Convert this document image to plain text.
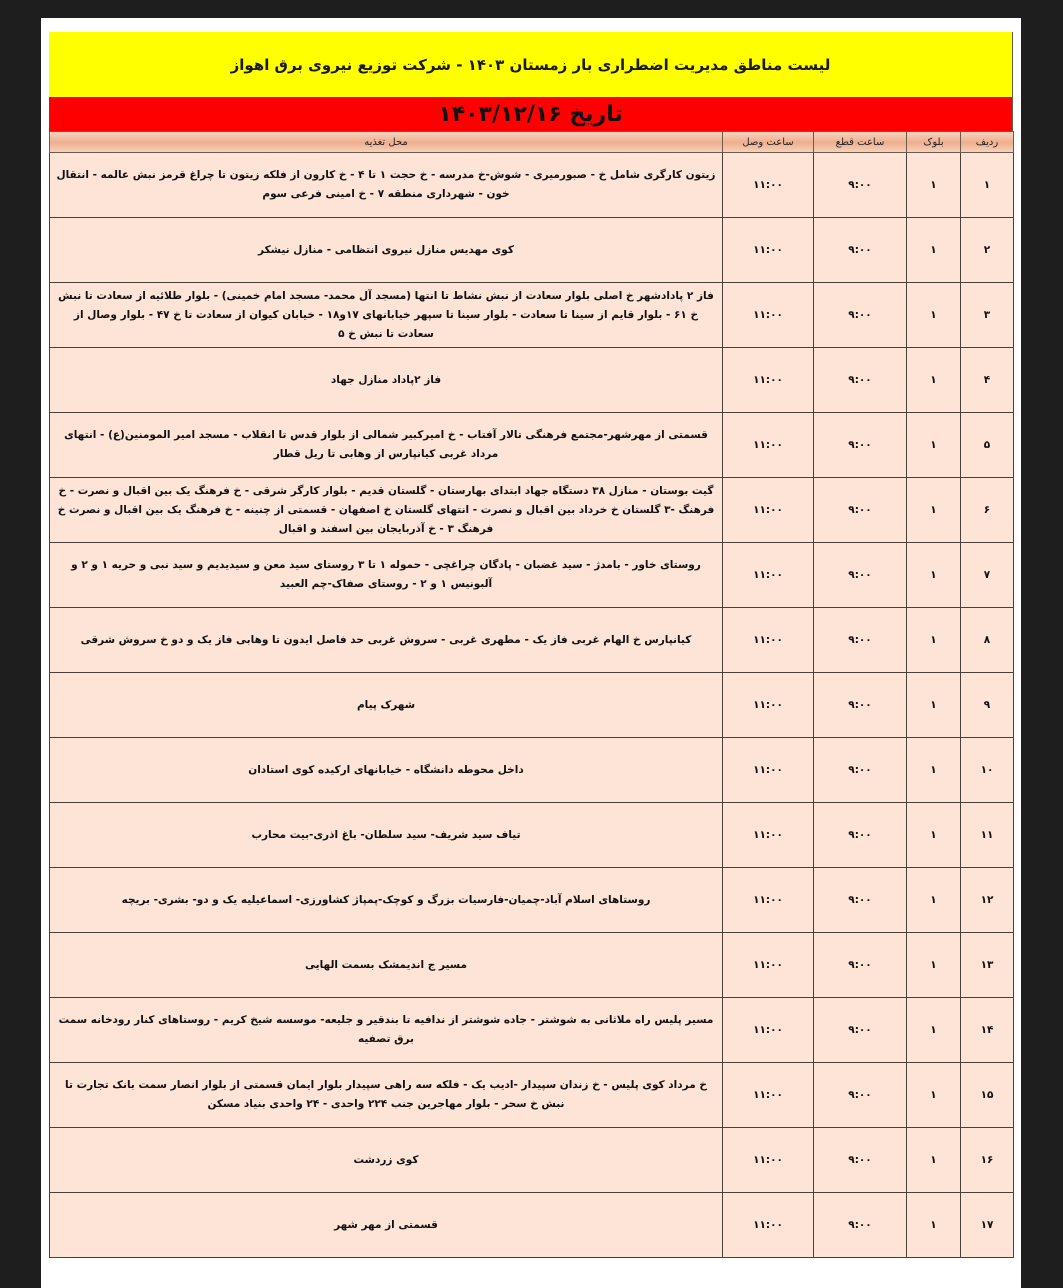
لیست مناطق مدیریت اضطراری بار زمستان ۱۴۰۳ - شرکت توزیع نیروی برق اهواز
تاریخ ۱۴۰۳/۱۲/۱۶
ردیف	بلوک	ساعت قطع	ساعت وصل	محل تغذیه
۱	۱	۹:۰۰	۱۱:۰۰	زیتون کارگری شامل خ - صبورمیری - شوش-خ مدرسه - خ حجت ۱ تا ۴ - خ کارون از فلکه زیتون تا چراغ قرمز نبش عالمه - انتقال خون - شهرداری منطقه ۷ - خ امینی فرعی سوم
۲	۱	۹:۰۰	۱۱:۰۰	کوی مهدیس منازل نیروی انتظامی - منازل نیشکر
۳	۱	۹:۰۰	۱۱:۰۰	فاز ۲ پادادشهر خ اصلی بلوار سعادت از نبش نشاط تا انتها (مسجد آل محمد- مسجد امام خمینی) - بلوار طلائیه از سعادت تا نبش خ ۶۱ - بلوار قایم از سینا تا سعادت - بلوار سینا تا سپهر خیابانهای ۱۷و۱۸ - خیابان کیوان از سعادت تا خ ۴۷ - بلوار وصال از سعادت تا نبش خ ۵
۴	۱	۹:۰۰	۱۱:۰۰	فاز ۲پاداد منازل جهاد
۵	۱	۹:۰۰	۱۱:۰۰	قسمتی از مهرشهر-مجتمع فرهنگی تالار آفتاب - خ امیرکبیر شمالی از بلوار قدس تا انقلاب - مسجد امیر المومنین(ع) - انتهای مرداد غربی کیانپارس از وهابی تا ریل قطار
۶	۱	۹:۰۰	۱۱:۰۰	گیت بوستان - منازل ۳۸ دستگاه جهاد ابتدای بهارستان - گلستان قدیم - بلوار کارگر شرقی - خ فرهنگ یک بین اقبال و نصرت - خ فرهنگ -۳ گلستان خ خرداد بین اقبال و نصرت - انتهای گلستان خ اصفهان - قسمتی از چنینه - خ فرهنگ یک بین اقبال و نصرت خ فرهنگ ۳ - خ آذربایجان بین اسفند و اقبال
۷	۱	۹:۰۰	۱۱:۰۰	روستای خاور - بامدژ - سید غضبان - پادگان چراغچی - حموله ۱ تا ۳ روستای سید معن و سیدیدیم و سید نبی و حریه ۱ و ۲ و آلبونیس ۱ و ۲ - روستای صفاک-چم العبید
۸	۱	۹:۰۰	۱۱:۰۰	کیانپارس خ الهام غربی فاز یک - مطهری غربی - سروش غربی حد فاصل ایدون تا وهابی فاز یک و دو خ سروش شرقی
۹	۱	۹:۰۰	۱۱:۰۰	شهرک پیام
۱۰	۱	۹:۰۰	۱۱:۰۰	داخل محوطه دانشگاه - خیابانهای ارکیده کوی استادان
۱۱	۱	۹:۰۰	۱۱:۰۰	تیاف سید شریف- سید سلطان- باغ اذری-بیت محارب
۱۲	۱	۹:۰۰	۱۱:۰۰	روستاهای اسلام آباد-چمیان-فارسیات بزرگ و کوچک-پمپاژ کشاورزی- اسماعیلیه یک و دو- بشری- بریچه
۱۳	۱	۹:۰۰	۱۱:۰۰	مسیر ج اندیمشک بسمت الهایی
۱۴	۱	۹:۰۰	۱۱:۰۰	مسیر پلیس راه ملاثانی به شوشتر - جاده شوشتر از ندافیه تا بندقیر و جلیعه- موسسه شیخ کریم - روستاهای کنار رودخانه سمت برق تصفیه
۱۵	۱	۹:۰۰	۱۱:۰۰	خ مرداد کوی پلیس - خ زندان سپیدار -ادیب یک - فلکه سه راهی سپیدار بلوار ایمان قسمتی از بلوار انصار سمت بانک تجارت تا نبش خ سحر - بلوار مهاجرین جنب ۲۲۴ واحدی - ۲۴ واحدی بنیاد مسکن
۱۶	۱	۹:۰۰	۱۱:۰۰	کوی زردشت
۱۷	۱	۹:۰۰	۱۱:۰۰	قسمتی از مهر شهر
